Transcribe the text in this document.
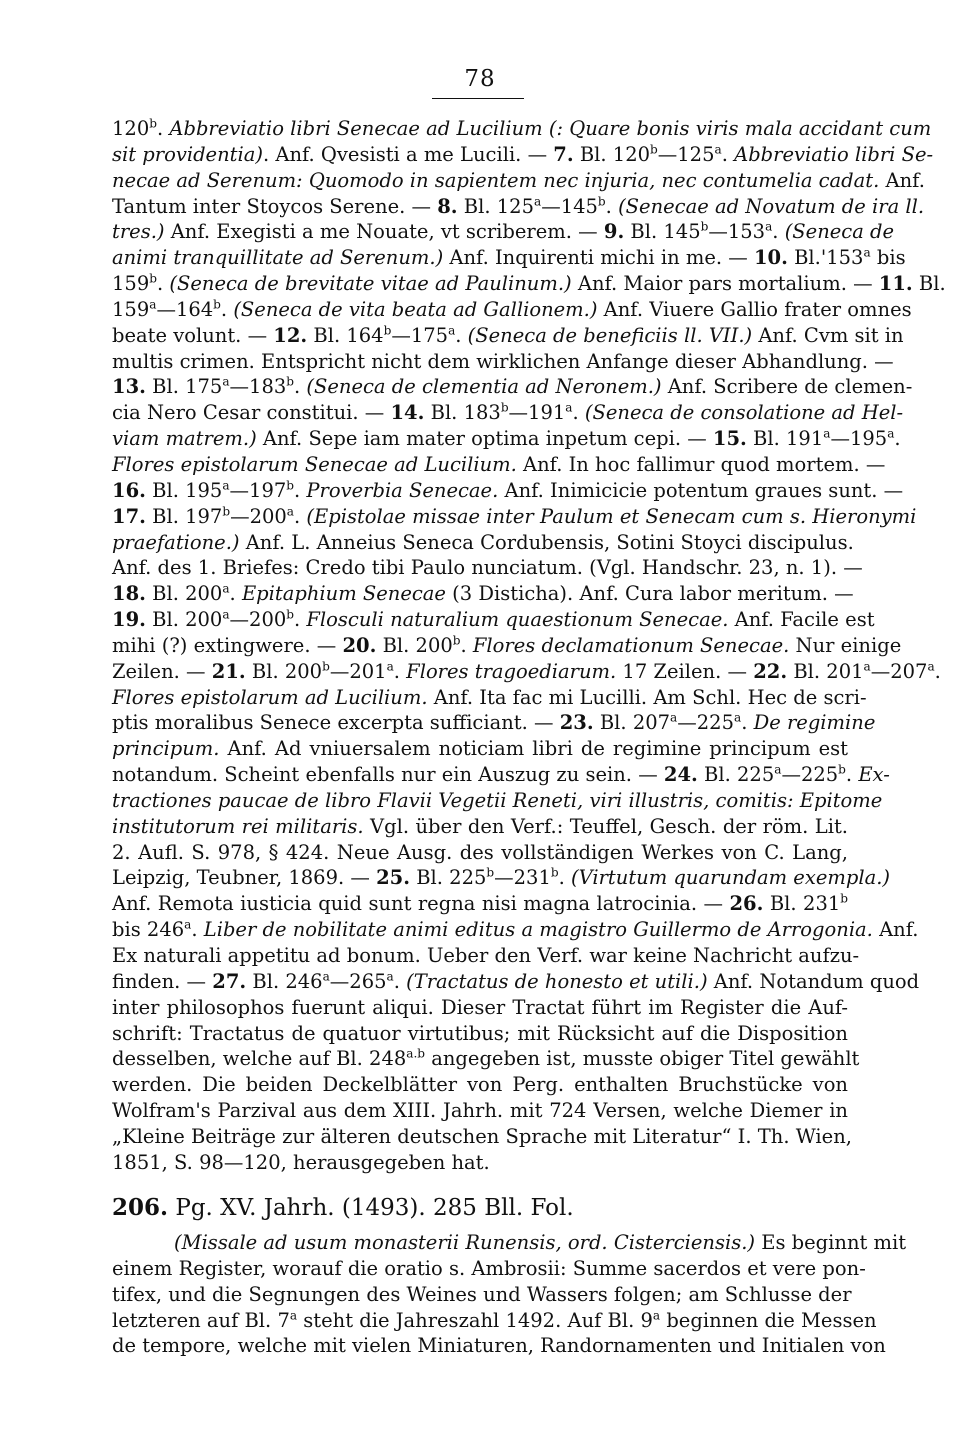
78
120$^b$. Abbreviatio libri Senecae ad Lucilium (: Quare bonis viris mala accidant cum
sit providentia). Anf. Qvesisti a me Lucili. — 7. Bl. 120$^b$—125$^a$. Abbreviatio libri Se-
necae ad Serenum: Quomodo in sapientem nec injuria, nec contumelia cadat. Anf.
Tantum inter Stoycos Serene. — 8. Bl. 125$^a$—145$^b$. (Senecae ad Novatum de ira ll.
tres.) Anf. Exegisti a me Nouate, vt scriberem. — 9. Bl. 145$^b$—153$^a$. (Seneca de
animi tranquillitate ad Serenum.) Anf. Inquirenti michi in me. — 10. Bl.'153$^a$ bis
159$^b$. (Seneca de brevitate vitae ad Paulinum.) Anf. Maior pars mortalium. — 11. Bl.
159$^a$—164$^b$. (Seneca de vita beata ad Gallionem.) Anf. Viuere Gallio frater omnes
beate volunt. — 12. Bl. 164$^b$—175$^a$. (Seneca de beneficiis ll. VII.) Anf. Cvm sit in
multis crimen. Entspricht nicht dem wirklichen Anfange dieser Abhandlung. —
13. Bl. 175$^a$—183$^b$. (Seneca de clementia ad Neronem.) Anf. Scribere de clemen-
cia Nero Cesar constitui. — 14. Bl. 183$^b$—191$^a$. (Seneca de consolatione ad Hel-
viam matrem.) Anf. Sepe iam mater optima inpetum cepi. — 15. Bl. 191$^a$—195$^a$.
Flores epistolarum Senecae ad Lucilium. Anf. In hoc fallimur quod mortem. —
16. Bl. 195$^a$—197$^b$. Proverbia Senecae. Anf. Inimicicie potentum graues sunt. —
17. Bl. 197$^b$—200$^a$. (Epistolae missae inter Paulum et Senecam cum s. Hieronymi
praefatione.) Anf. L. Anneius Seneca Cordubensis, Sotini Stoyci discipulus.
Anf. des 1. Briefes: Credo tibi Paulo nunciatum. (Vgl. Handschr. 23, n. 1). —
18. Bl. 200$^a$. Epitaphium Senecae (3 Disticha). Anf. Cura labor meritum. —
19. Bl. 200$^a$—200$^b$. Flosculi naturalium quaestionum Senecae. Anf. Facile est
mihi (?) extingwere. — 20. Bl. 200$^b$. Flores declamationum Senecae. Nur einige
Zeilen. — 21. Bl. 200$^b$—201$^a$. Flores tragoediarum. 17 Zeilen. — 22. Bl. 201$^a$—207$^a$.
Flores epistolarum ad Lucilium. Anf. Ita fac mi Lucilli. Am Schl. Hec de scri-
ptis moralibus Senece excerpta sufficiant. — 23. Bl. 207$^a$—225$^a$. De regimine
principum. Anf. Ad vniuersalem noticiam libri de regimine principum est
notandum. Scheint ebenfalls nur ein Auszug zu sein. — 24. Bl. 225$^a$—225$^b$. Ex-
tractiones paucae de libro Flavii Vegetii Reneti, viri illustris, comitis: Epitome
institutorum rei militaris. Vgl. über den Verf.: Teuffel, Gesch. der röm. Lit.
2. Aufl. S. 978, § 424. Neue Ausg. des vollständigen Werkes von C. Lang,
Leipzig, Teubner, 1869. — 25. Bl. 225$^b$—231$^b$. (Virtutum quarundam exempla.)
Anf. Remota iusticia quid sunt regna nisi magna latrocinia. — 26. Bl. 231$^b$
bis 246$^a$. Liber de nobilitate animi editus a magistro Guillermo de Arrogonia. Anf.
Ex naturali appetitu ad bonum. Ueber den Verf. war keine Nachricht aufzu-
finden. — 27. Bl. 246$^a$—265$^a$. (Tractatus de honesto et utili.) Anf. Notandum quod
inter philosophos fuerunt aliqui. Dieser Tractat führt im Register die Auf-
schrift: Tractatus de quatuor virtutibus; mit Rücksicht auf die Disposition
desselben, welche auf Bl. $248^{a.b}$ angegeben ist, musste obiger Titel gewählt
werden. Die beiden Deckelblätter von Perg. enthalten Bruchstücke von
Wolfram's Parzival aus dem XIII. Jahrh. mit 724 Versen, welche Diemer in
„Kleine Beiträge zur älteren deutschen Sprache mit Literatur“ I. Th. Wien,
1851, S. 98—120, herausgegeben hat.
206. Pg. XV. Jahrh. (1493). 285 Bll. Fol.
(Missale ad usum monasterii Runensis, ord. Cisterciensis.) Es beginnt mit
einem Register, worauf die oratio s. Ambrosii: Summe sacerdos et vere pon-
tifex, und die Segnungen des Weines und Wassers folgen; am Schlusse der
letzteren auf Bl. 7$^a$ steht die Jahreszahl 1492. Auf Bl. 9$^a$ beginnen die Messen
de tempore, welche mit vielen Miniaturen, Randornamenten und Initialen von
